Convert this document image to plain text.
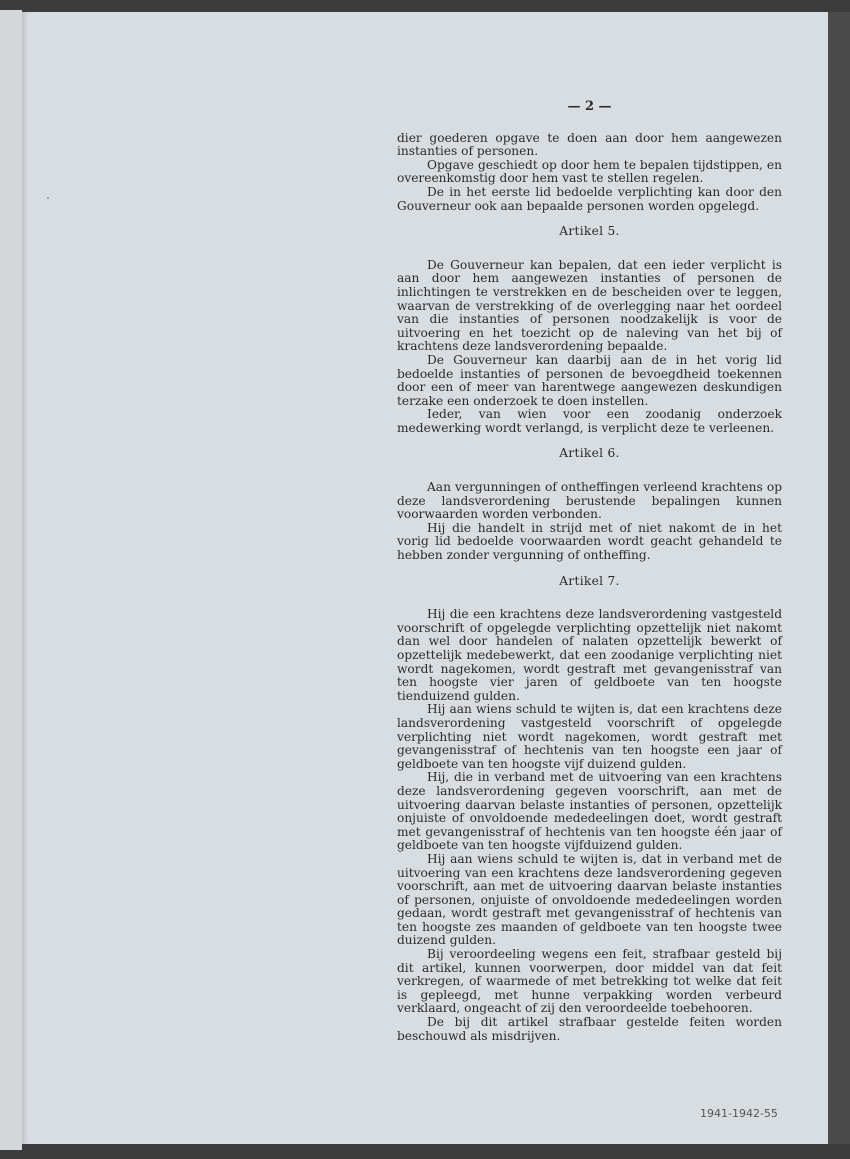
— 2 —

dier goederen opgave te doen aan door hem aangewezen instanties of personen.

Opgave geschiedt op door hem te bepalen tijdstippen, en overeenkomstig door hem vast te stellen regelen.

De in het eerste lid bedoelde verplichting kan door den Gouverneur ook aan bepaalde personen worden opgelegd.

Artikel 5.

De Gouverneur kan bepalen, dat een ieder verplicht is aan door hem aangewezen instanties of personen de inlichtingen te verstrekken en de bescheiden over te leggen, waarvan de verstrekking of de overlegging naar het oordeel van die instanties of personen noodzakelijk is voor de uitvoering en het toezicht op de naleving van het bij of krachtens deze landsverordening bepaalde.

De Gouverneur kan daarbij aan de in het vorig lid bedoelde instanties of personen de bevoegdheid toekennen door een of meer van harentwege aangewezen deskundigen terzake een onderzoek te doen instellen.

Ieder, van wien voor een zoodanig onderzoek medewerking wordt verlangd, is verplicht deze te verleenen.

Artikel 6.

Aan vergunningen of ontheffingen verleend krachtens op deze landsverordening berustende bepalingen kunnen voorwaarden worden verbonden.

Hij die handelt in strijd met of niet nakomt de in het vorig lid bedoelde voorwaarden wordt geacht gehandeld te hebben zonder vergunning of ontheffing.

Artikel 7.

Hij die een krachtens deze landsverordening vastgesteld voorschrift of opgelegde verplichting opzettelijk niet nakomt dan wel door handelen of nalaten opzettelijk bewerkt of opzettelijk medebewerkt, dat een zoodanige verplichting niet wordt nagekomen, wordt gestraft met gevangenisstraf van ten hoogste vier jaren of geldboete van ten hoogste tienduizend gulden.

Hij aan wiens schuld te wijten is, dat een krachtens deze landsverordening vastgesteld voorschrift of opgelegde verplichting niet wordt nagekomen, wordt gestraft met gevangenisstraf of hechtenis van ten hoogste een jaar of geldboete van ten hoogste vijf duizend gulden.

Hij, die in verband met de uitvoering van een krachtens deze landsverordening gegeven voorschrift, aan met de uitvoering daarvan belaste instanties of personen, opzettelijk onjuiste of onvoldoende mededeelingen doet, wordt gestraft met gevangenisstraf of hechtenis van ten hoogste één jaar of geldboete van ten hoogste vijfduizend gulden.

Hij aan wiens schuld te wijten is, dat in verband met de uitvoering van een krachtens deze landsverordening gegeven voorschrift, aan met de uitvoering daarvan belaste instanties of personen, onjuiste of onvoldoende mededeelingen worden gedaan, wordt gestraft met gevangenisstraf of hechtenis van ten hoogste zes maanden of geldboete van ten hoogste twee duizend gulden.

Bij veroordeeling wegens een feit, strafbaar gesteld bij dit artikel, kunnen voorwerpen, door middel van dat feit verkregen, of waarmede of met betrekking tot welke dat feit is gepleegd, met hunne verpakking worden verbeurd verklaard, ongeacht of zij den veroordeelde toebehooren.

De bij dit artikel strafbaar gestelde feiten worden beschouwd als misdrijven.

1941-1942-55
